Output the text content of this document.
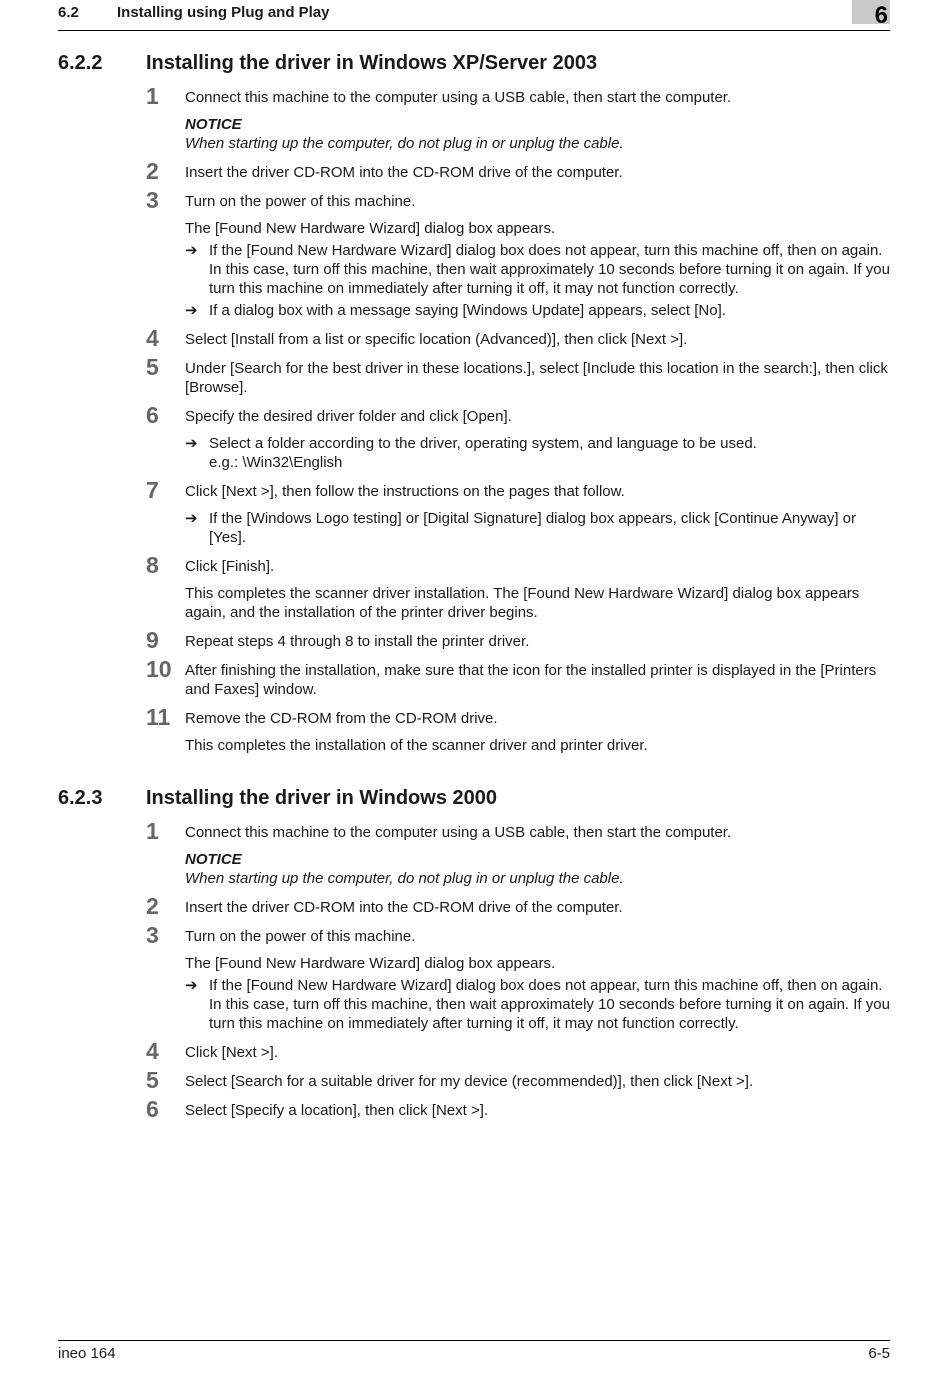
6.2	Installing using Plug and Play	6
6.2.2	Installing the driver in Windows XP/Server 2003
1 Connect this machine to the computer using a USB cable, then start the computer.

NOTICE

When starting up the computer, do not plug in or unplug the cable.

2 Insert the driver CD-ROM into the CD-ROM drive of the computer.

3 Turn on the power of this machine.

The [Found New Hardware Wizard] dialog box appears.

➔ If the [Found New Hardware Wizard] dialog box does not appear, turn this machine off, then on again. In this case, turn off this machine, then wait approximately 10 seconds before turning it on again. If you turn this machine on immediately after turning it off, it may not function correctly.
➔ If a dialog box with a message saying [Windows Update] appears, select [No].
4 Select [Install from a list or specific location (Advanced)], then click [Next >].

5 Under [Search for the best driver in these locations.], select [Include this location in the search:], then click [Browse].

6 Specify the desired driver folder and click [Open].

➔ Select a folder according to the driver, operating system, and language to be used.
e.g.: \Win32\English
7 Click [Next >], then follow the instructions on the pages that follow.

➔ If the [Windows Logo testing] or [Digital Signature] dialog box appears, click [Continue Anyway] or [Yes].
8 Click [Finish].

This completes the scanner driver installation. The [Found New Hardware Wizard] dialog box appears again, and the installation of the printer driver begins.

9 Repeat steps 4 through 8 to install the printer driver.

10 After finishing the installation, make sure that the icon for the installed printer is displayed in the [Printers and Faxes] window.

11 Remove the CD-ROM from the CD-ROM drive.

This completes the installation of the scanner driver and printer driver.

6.2.3	Installing the driver in Windows 2000
1 Connect this machine to the computer using a USB cable, then start the computer.

NOTICE

When starting up the computer, do not plug in or unplug the cable.

2 Insert the driver CD-ROM into the CD-ROM drive of the computer.

3 Turn on the power of this machine.

The [Found New Hardware Wizard] dialog box appears.

➔ If the [Found New Hardware Wizard] dialog box does not appear, turn this machine off, then on again. In this case, turn off this machine, then wait approximately 10 seconds before turning it on again. If you turn this machine on immediately after turning it off, it may not function correctly.
4 Click [Next >].

5 Select [Search for a suitable driver for my device (recommended)], then click [Next >].

6 Select [Specify a location], then click [Next >].

ineo 164	6-5
